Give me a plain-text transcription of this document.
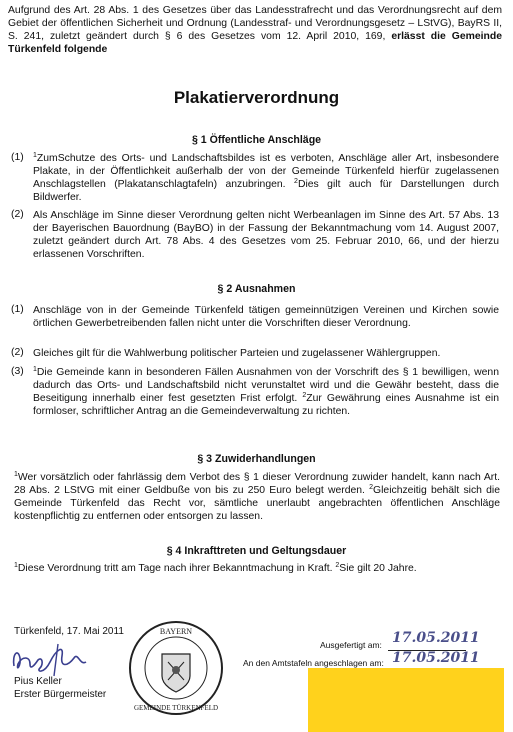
Aufgrund des Art. 28 Abs. 1 des Gesetzes über das Landesstrafrecht und das Verordnungsrecht auf dem Gebiet der öffentlichen Sicherheit und Ordnung (Landesstraf- und Verordnungsgesetz – LStVG), BayRS II, S. 241, zuletzt geändert durch § 6 des Gesetzes vom 12. April 2010, 169, erlässt die Gemeinde Türkenfeld folgende

Plakatierverordnung
§ 1 Öffentliche Anschläge
(1) $^1$ZumSchutze des Orts- und Landschaftsbildes ist es verboten, Anschläge aller Art, insbesondere Plakate, in der Öffentlichkeit außerhalb der von der Gemeinde Türkenfeld hierfür zugelassenen Anschlagstellen (Plakatanschlagtafeln) anzubringen. $^2$Dies gilt auch für Darstellungen durch Bildwerfer.

(2) Als Anschläge im Sinne dieser Verordnung gelten nicht Werbeanlagen im Sinne des Art. 57 Abs. 13 der Bayerischen Bauordnung (BayBO) in der Fassung der Bekanntmachung vom 14. August 2007, zuletzt geändert durch Art. 78 Abs. 4 des Gesetzes vom 25. Februar 2010, 66, und der hierzu erlassenen Vorschriften.

§ 2 Ausnahmen
(1) Anschläge von in der Gemeinde Türkenfeld tätigen gemeinnützigen Vereinen und Kirchen sowie örtlichen Gewerbetreibenden fallen nicht unter die Vorschriften dieser Verordnung.

(2) Gleiches gilt für die Wahlwerbung politischer Parteien und zugelassener Wählergruppen.

(3) $^1$Die Gemeinde kann in besonderen Fällen Ausnahmen von der Vorschrift des § 1 bewilligen, wenn dadurch das Orts- und Landschaftsbild nicht verunstaltet wird und die Gewähr besteht, dass die Beseitigung innerhalb einer fest gesetzten Frist erfolgt. $^2$Zur Gewährung eines Ausnahme ist ein formloser, schriftlicher Antrag an die Gemeindeverwaltung zu richten.

§ 3 Zuwiderhandlungen

$^1$Wer vorsätzlich oder fahrlässig dem Verbot des § 1 dieser Verordnung zuwider handelt, kann nach Art. 28 Abs. 2 LStVG mit einer Geldbuße von bis zu 250 Euro belegt werden. $^2$Gleichzeitig behält sich die Gemeinde Türkenfeld das Recht vor, sämtliche unerlaubt angebrachten öffentlichen Anschläge kostenpflichtig zu entfernen oder entsorgen zu lassen.

§ 4 Inkrafttreten und Geltungsdauer

$^1$Diese Verordnung tritt am Tage nach ihrer Bekanntmachung in Kraft. $^2$Sie gilt 20 Jahre.

Türkenfeld, 17. Mai 2011
Pius Keller
Erster Bürgermeister
BAYERN
GEMEINDE TÜRKENFELD
Ausgefertigt am: 17.05.2011
An den Amtstafeln angeschlagen am: 17.05.2011
